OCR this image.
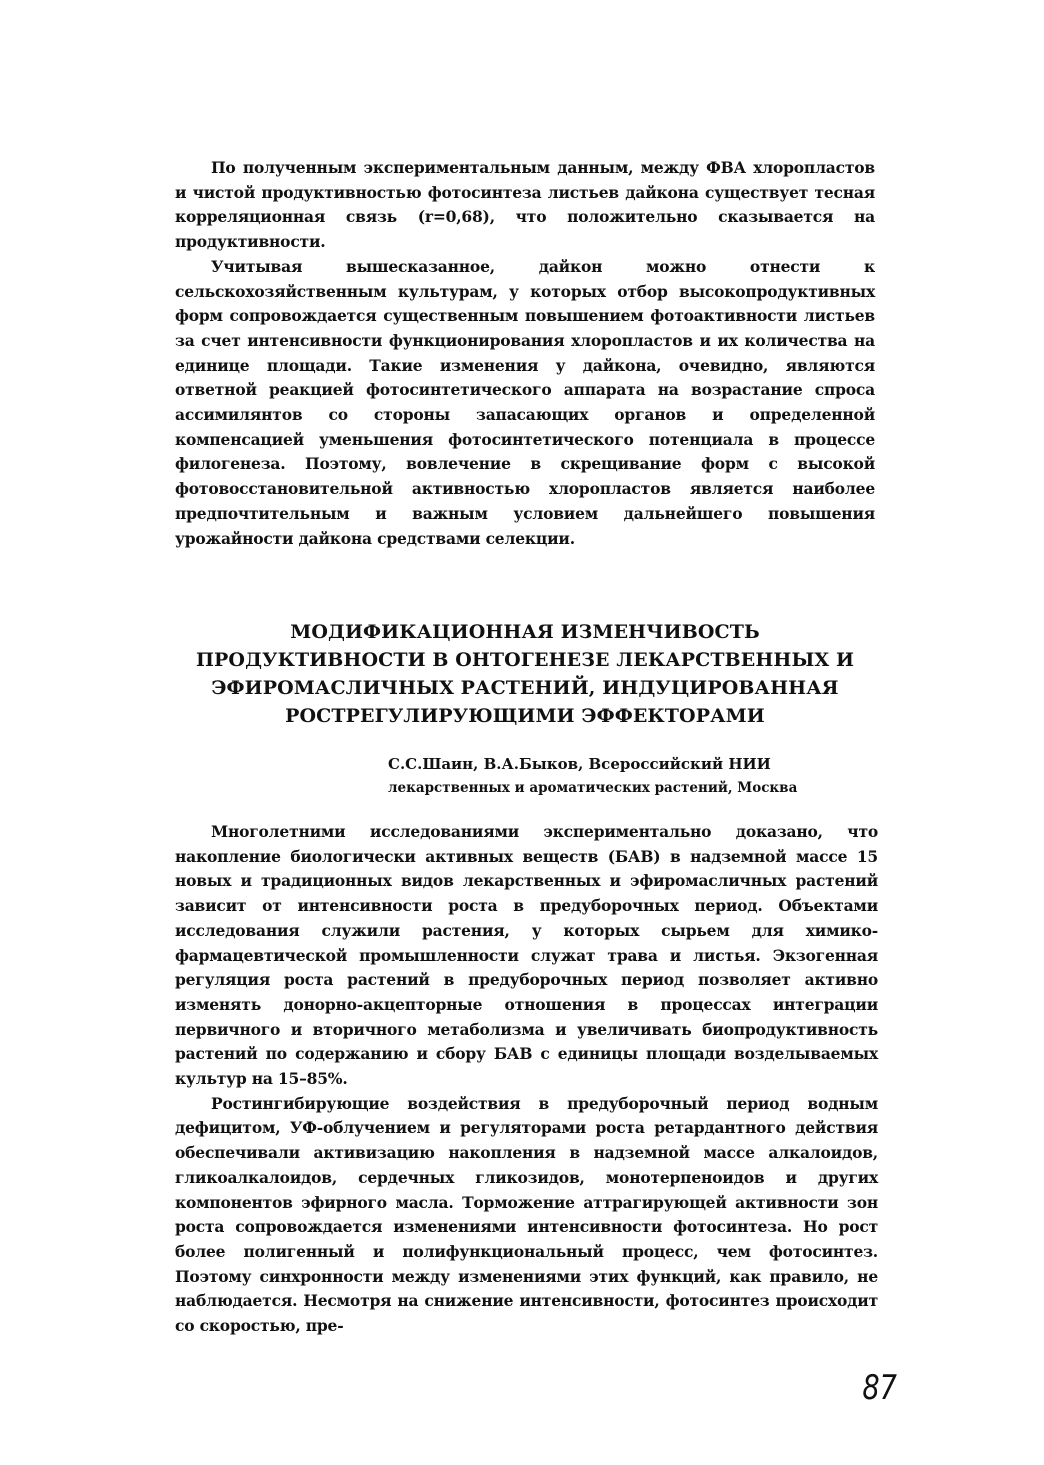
По полученным экспериментальным данным, между ФВА хлоропластов и чистой продуктивностью фотосинтеза листьев дайкона существует тесная корреляционная связь (r=0,68), что положительно сказывается на продуктивности.

Учитывая вышесказанное, дайкон можно отнести к сельскохозяйственным культурам, у которых отбор высокопродуктивных форм сопровождается существенным повышением фотоактивности листьев за счет интенсивности функционирования хлоропластов и их количества на единице площади. Такие изменения у дайкона, очевидно, являются ответной реакцией фотосинтетического аппарата на возрастание спроса ассимилянтов со стороны запасающих органов и определенной компенсацией уменьшения фотосинтетического потенциала в процессе филогенеза. Поэтому, вовлечение в скрещивание форм с высокой фотовосстановительной активностью хлоропластов является наиболее предпочтительным и важным условием дальнейшего повышения урожайности дайкона средствами селекции.

МОДИФИКАЦИОННАЯ ИЗМЕНЧИВОСТЬ
ПРОДУКТИВНОСТИ В ОНТОГЕНЕЗЕ ЛЕКАРСТВЕННЫХ И
ЭФИРОМАСЛИЧНЫХ РАСТЕНИЙ, ИНДУЦИРОВАННАЯ
РОСТРЕГУЛИРУЮЩИМИ ЭФФЕКТОРАМИ
С.С.Шаин, В.А.Быков, Всероссийский НИИ
лекарственных и ароматических растений, Москва

Многолетними исследованиями экспериментально доказано, что накопление биологически активных веществ (БАВ) в надземной массе 15 новых и традиционных видов лекарственных и эфиромасличных растений зависит от интенсивности роста в предуборочных период. Объектами исследования служили растения, у которых сырьем для химико-фармацевтической промышленности служат трава и листья. Экзогенная регуляция роста растений в предуборочных период позволяет активно изменять донорно-акцепторные отношения в процессах интеграции первичного и вторичного метаболизма и увеличивать биопродуктивность растений по содержанию и сбору БАВ с единицы площади возделываемых культур на 15–85%.

Ростингибирующие воздействия в предуборочный период водным дефицитом, УФ-облучением и регуляторами роста ретардантного действия обеспечивали активизацию накопления в надземной массе алкалоидов, гликоалкалоидов, сердечных гликозидов, монотерпеноидов и других компонентов эфирного масла. Торможение аттрагирующей активности зон роста сопровождается изменениями интенсивности фотосинтеза. Но рост более полигенный и полифункциональный процесс, чем фотосинтез. Поэтому синхронности между изменениями этих функций, как правило, не наблюдается. Несмотря на снижение интенсивности, фотосинтез происходит со скоростью, пре-

87
